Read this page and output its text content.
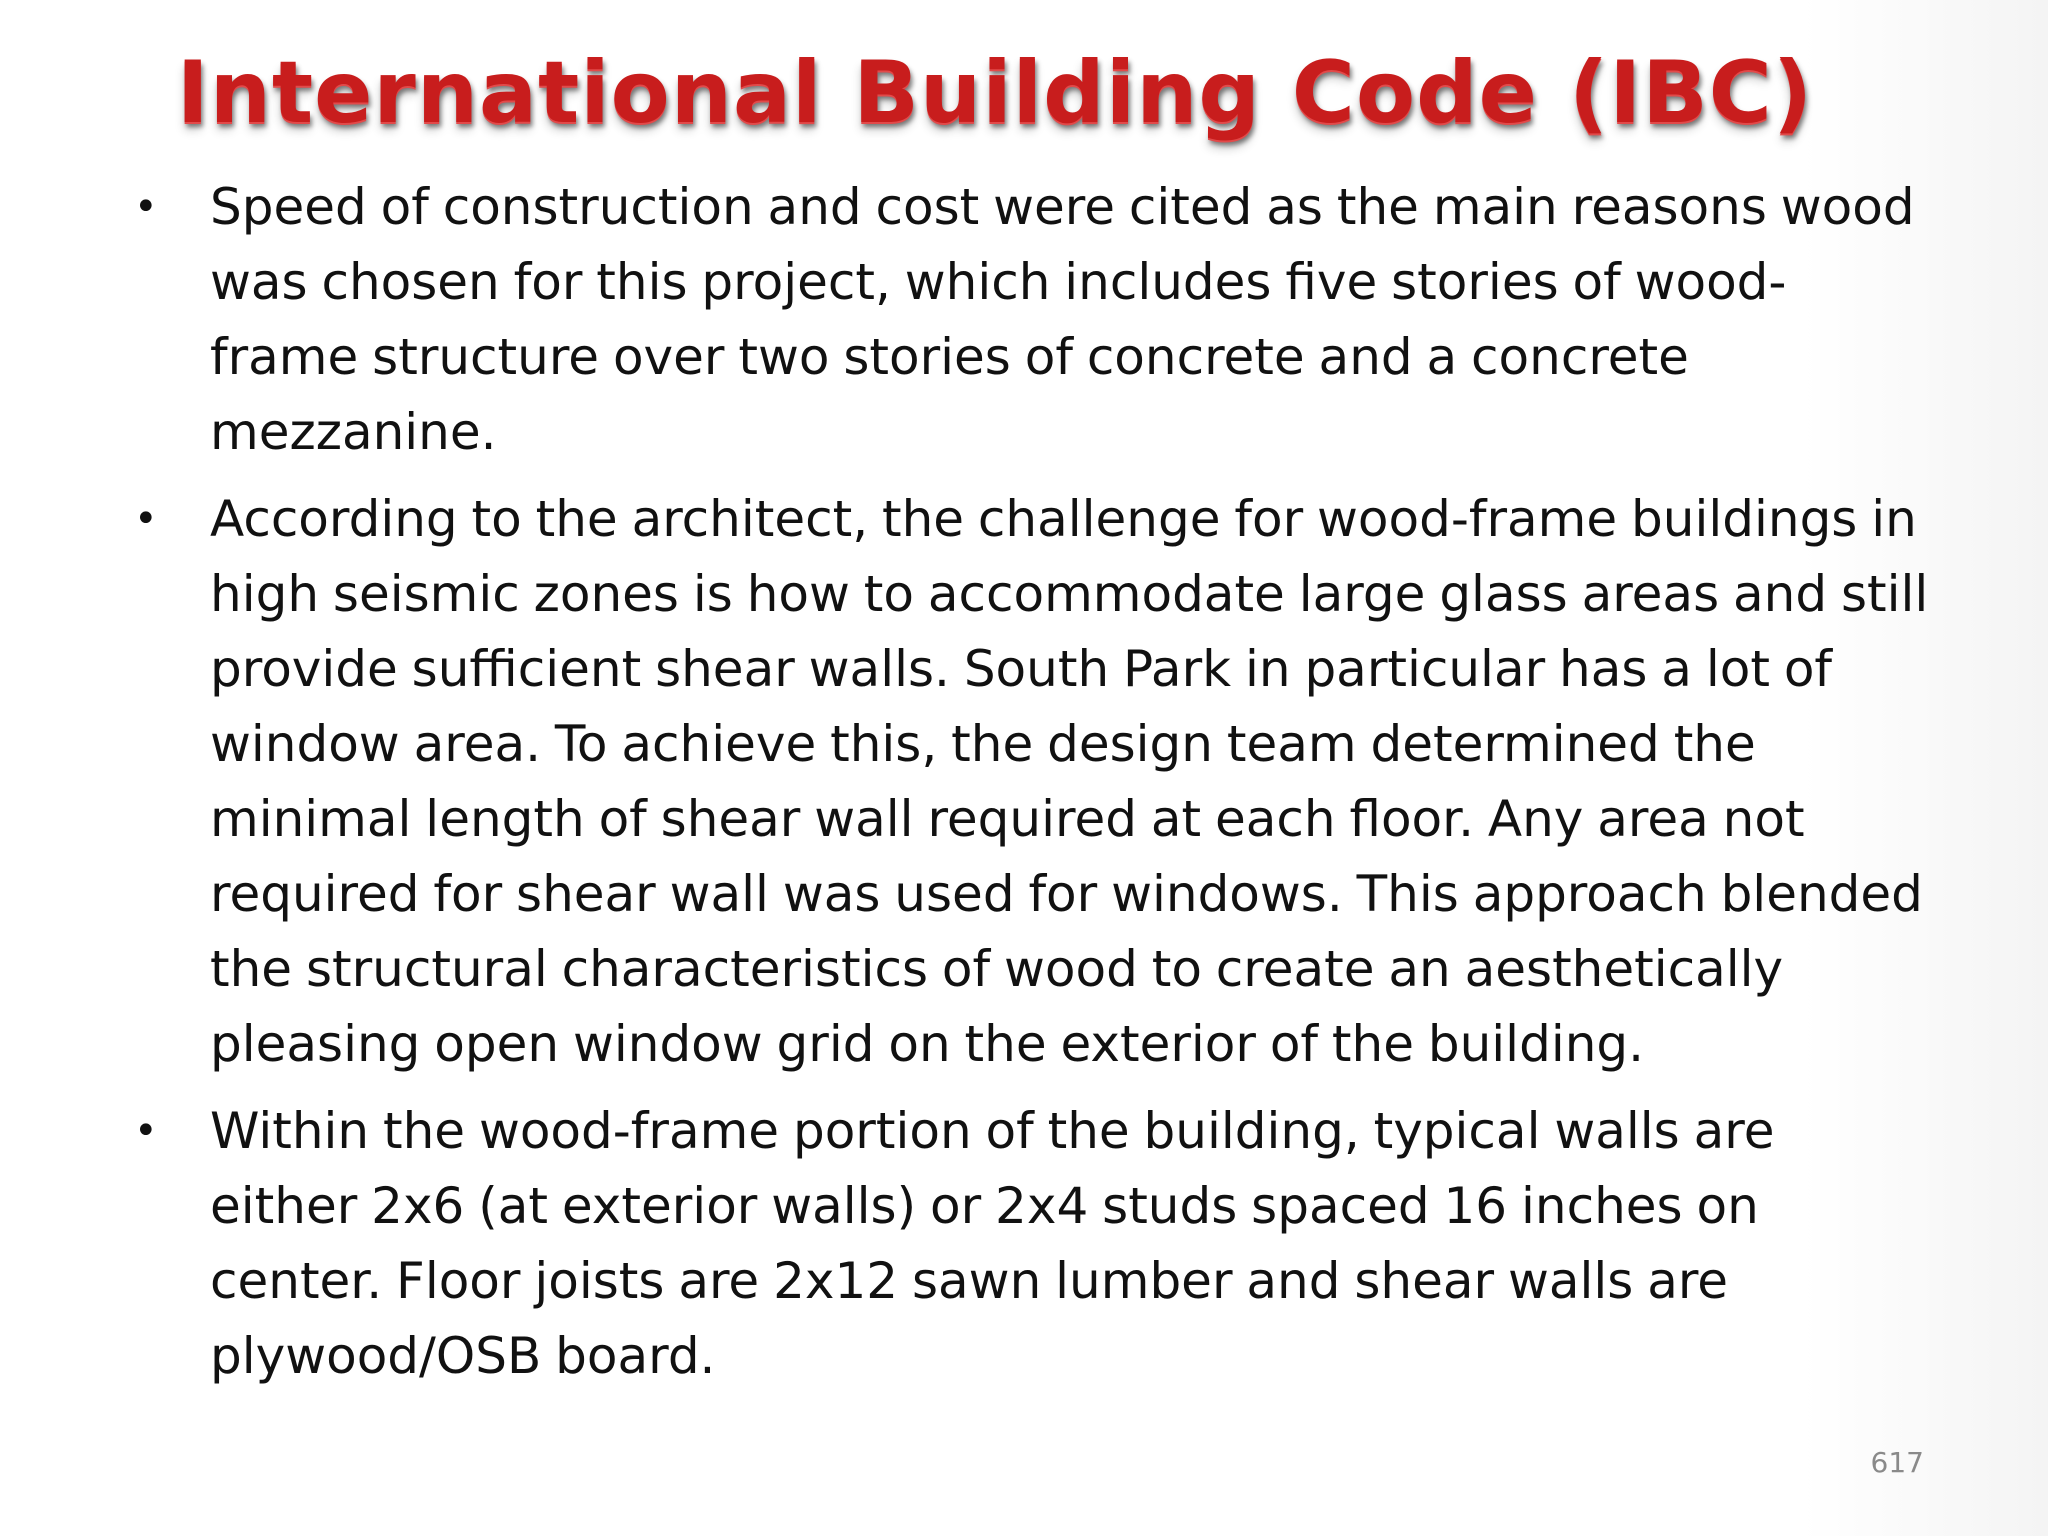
International Building Code (IBC)
•	Speed of construction and cost were cited as the main reasons wood was chosen for this project, which includes five stories of wood-frame structure over two stories of concrete and a concrete mezzanine.
•	According to the architect, the challenge for wood-frame buildings in high seismic zones is how to accommodate large glass areas and still provide sufficient shear walls. South Park in particular has a lot of window area. To achieve this, the design team determined the minimal length of shear wall required at each floor. Any area not required for shear wall was used for windows. This approach blended the structural characteristics of wood to create an aesthetically pleasing open window grid on the exterior of the building.
•	Within the wood-frame portion of the building, typical walls are either 2x6 (at exterior walls) or 2x4 studs spaced 16 inches on center. Floor joists are 2x12 sawn lumber and shear walls are plywood/OSB board.
617
